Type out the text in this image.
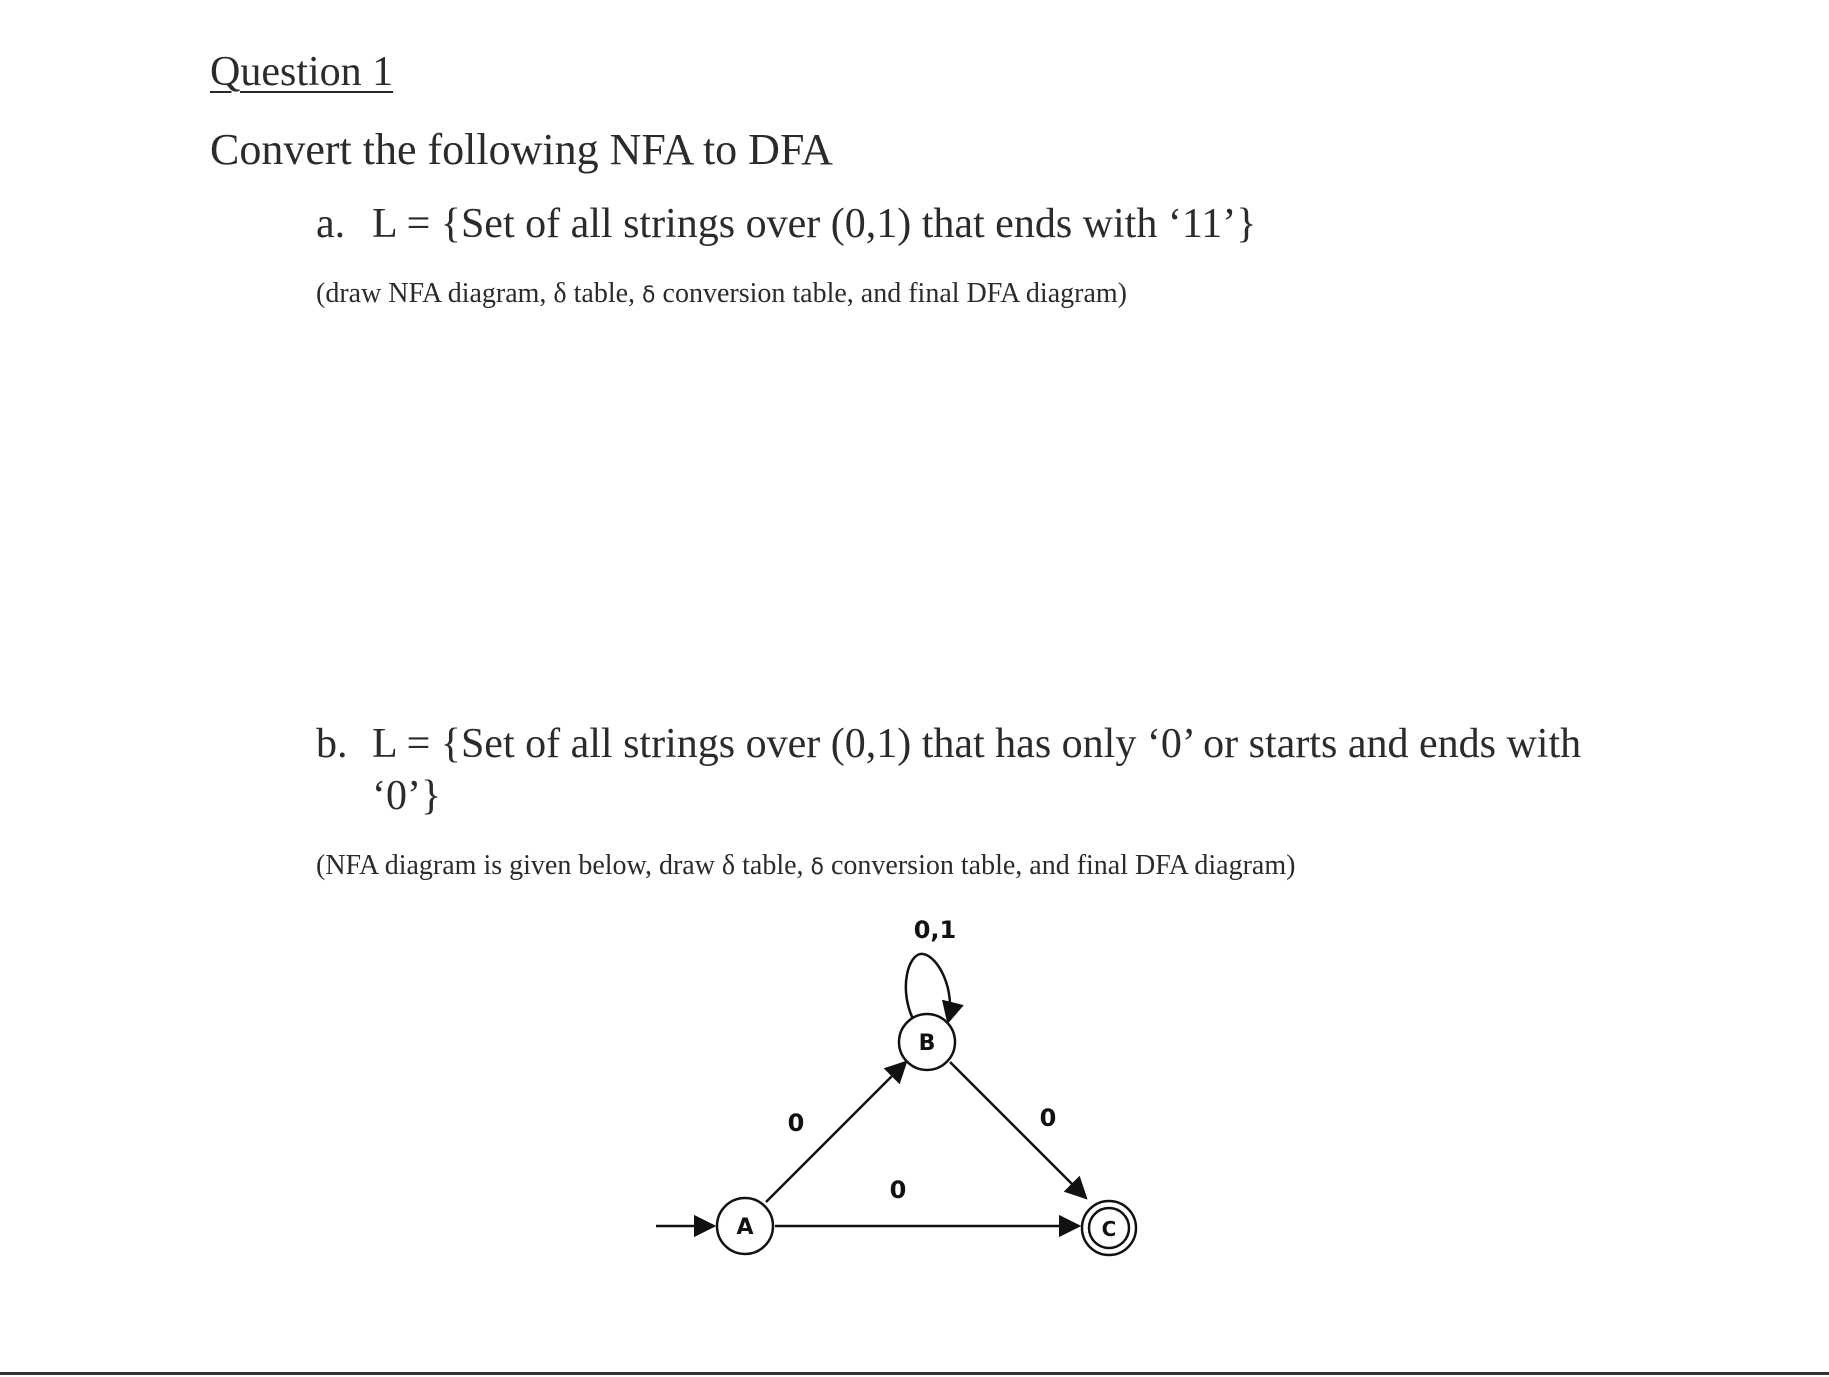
Question 1
Convert the following NFA to DFA
a. L = {Set of all strings over (0,1) that ends with ‘11’}
(draw NFA diagram, δ table, δ conversion table, and final DFA diagram)
b. L = {Set of all strings over (0,1) that has only ‘0’ or starts and ends with
‘0’}
(NFA diagram is given below, draw δ table, δ conversion table, and final DFA diagram)
0,1
0	0
0
A
B
C
